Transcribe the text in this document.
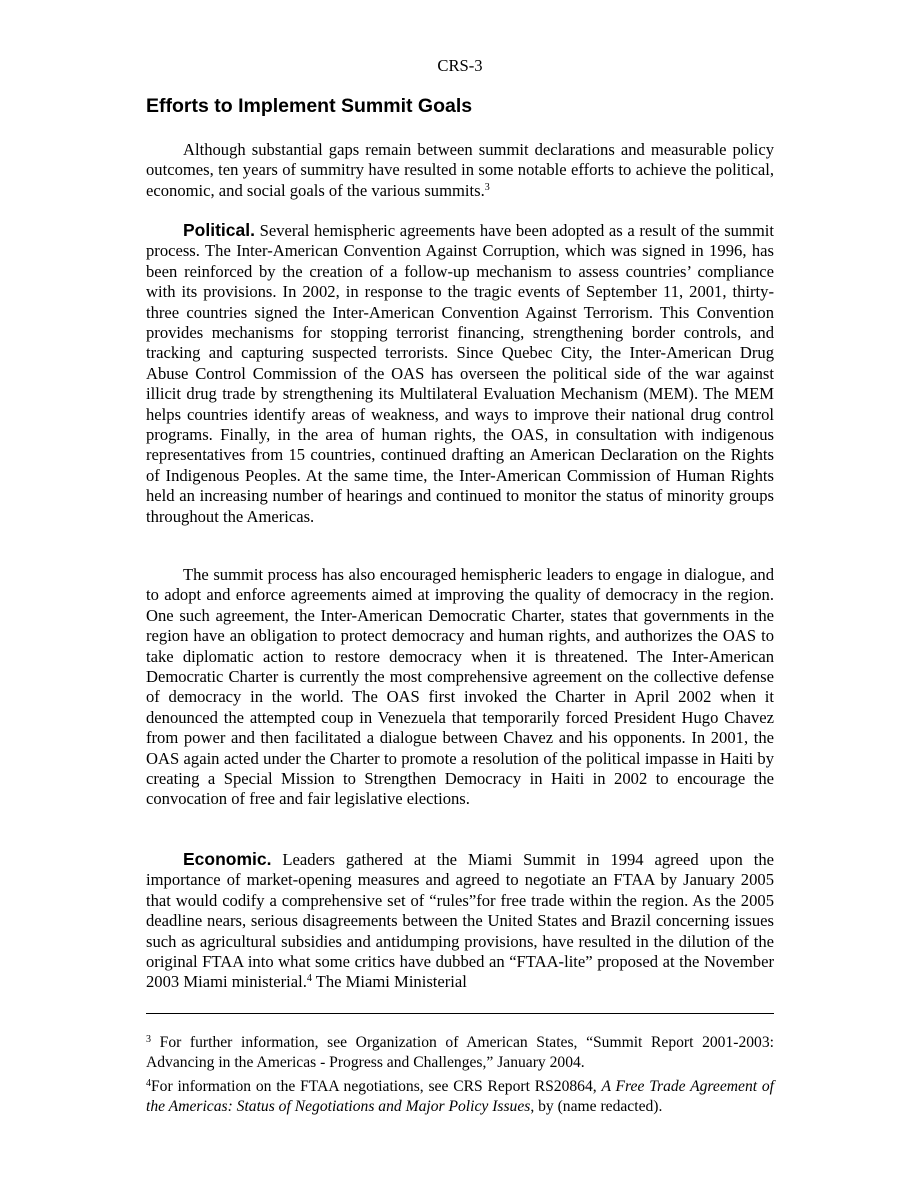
CRS-3
Efforts to Implement Summit Goals

Although substantial gaps remain between summit declarations and measurable policy outcomes, ten years of summitry have resulted in some notable efforts to achieve the political, economic, and social goals of the various summits.$^3$

Political. Several hemispheric agreements have been adopted as a result of the summit process. The Inter-American Convention Against Corruption, which was signed in 1996, has been reinforced by the creation of a follow-up mechanism to assess countries’ compliance with its provisions. In 2002, in response to the tragic events of September 11, 2001, thirty-three countries signed the Inter-American Convention Against Terrorism. This Convention provides mechanisms for stopping terrorist financing, strengthening border controls, and tracking and capturing suspected terrorists. Since Quebec City, the Inter-American Drug Abuse Control Commission of the OAS has overseen the political side of the war against illicit drug trade by strengthening its Multilateral Evaluation Mechanism (MEM). The MEM helps countries identify areas of weakness, and ways to improve their national drug control programs. Finally, in the area of human rights, the OAS, in consultation with indigenous representatives from 15 countries, continued drafting an American Declaration on the Rights of Indigenous Peoples. At the same time, the Inter-American Commission of Human Rights held an increasing number of hearings and continued to monitor the status of minority groups throughout the Americas.

The summit process has also encouraged hemispheric leaders to engage in dialogue, and to adopt and enforce agreements aimed at improving the quality of democracy in the region. One such agreement, the Inter-American Democratic Charter, states that governments in the region have an obligation to protect democracy and human rights, and authorizes the OAS to take diplomatic action to restore democracy when it is threatened. The Inter-American Democratic Charter is currently the most comprehensive agreement on the collective defense of democracy in the world. The OAS first invoked the Charter in April 2002 when it denounced the attempted coup in Venezuela that temporarily forced President Hugo Chavez from power and then facilitated a dialogue between Chavez and his opponents. In 2001, the OAS again acted under the Charter to promote a resolution of the political impasse in Haiti by creating a Special Mission to Strengthen Democracy in Haiti in 2002 to encourage the convocation of free and fair legislative elections.

Economic. Leaders gathered at the Miami Summit in 1994 agreed upon the importance of market-opening measures and agreed to negotiate an FTAA by January 2005 that would codify a comprehensive set of “rules”for free trade within the region. As the 2005 deadline nears, serious disagreements between the United States and Brazil concerning issues such as agricultural subsidies and antidumping provisions, have resulted in the dilution of the original FTAA into what some critics have dubbed an “FTAA-lite” proposed at the November 2003 Miami ministerial.$^4$ The Miami Ministerial

$^3$ For further information, see Organization of American States, “Summit Report 2001-2003: Advancing in the Americas - Progress and Challenges,” January 2004.

$^4$For information on the FTAA negotiations, see CRS Report RS20864, A Free Trade Agreement of the Americas: Status of Negotiations and Major Policy Issues, by (name redacted).
